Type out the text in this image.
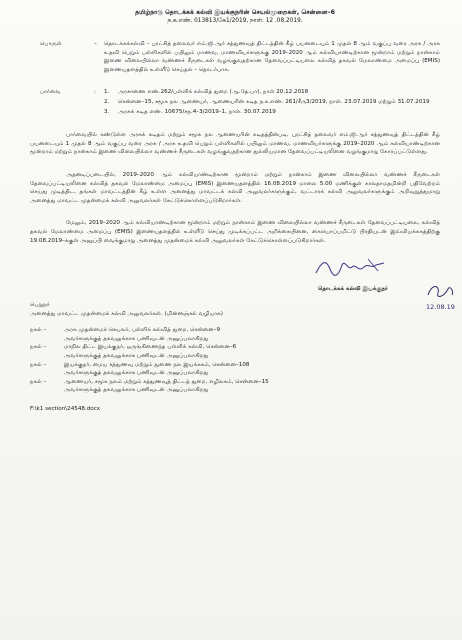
தமிழ்நாடு தொடக்கக் கல்வி இயக்குநரின் செயல்முறைகள், சென்னை–6
ந.க.எண். 013813/கே1/2019, நாள். 12 .08.2019.
பொருள்	–	தொடக்கக்கல்வி – புரட்சித் தலைவர் எம்.ஜி.ஆர் சத்துணவுத் திட்டத்தின் கீழ் பயனடையும் 1 முதல் 8 ஆம் வகுப்பு வரை அரசு / அரசு உதவி பெறும் பள்ளிகளில் பயிலும் மாணவ, மாணவியர்களுக்கு 2019–2020 ஆம் கல்வியாண்டிற்கான மூன்றாம் மற்றும் நான்காம் இணை விலையில்லா வண்ணச் சீருடைகள் வழங்குவதற்கான தேவைப்பட்டியலை கல்வித் தகவல் மேலாண்மை அமைப்பு (EMIS) இணையதளத்தில் உள்ளீடு செய்தல் – தொடர்பாக.
பார்வை	:	1.	அரசாணை எண்.262/பள்ளிக் கல்வித் துறை (ஆ.தே.பா), நாள் 20.12.2018
2.	சென்னை–15, சமூக நல ஆணையர், ஆணையரின் கடித ந.க.எண். 261/சீரு3/2019, நாள். 23.07.2019 மற்றும் 31.07.2019
3.	அரசுக் கடித எண். 10675/சந.4–3/2019–1, நாள். 30.07.2019

பார்வையில் கண்டுள்ள அரசுக் கடிதம் மற்றும் சமூக நல ஆணையரின் கடிதத்தின்படி, புரட்சித் தலைவர் எம்.ஜி.ஆர் சத்துணவுத் திட்டத்தின் கீழ் பயனடையும் 1 முதல் 8 ஆம் வகுப்பு வரை அரசு / அரசு உதவி பெறும் பள்ளிகளில் பயிலும் மாணவ, மாணவியர்களுக்கு 2019–2020 ஆம் கல்வியாண்டிற்கான மூன்றாம் மற்றும் நான்காம் இணை விலையில்லா வண்ணச் சீருடைகள் வழங்குவதற்கான துல்லியமான தேவைப்பட்டியலினை வழங்குமாறு கோரப்பட்டுள்ளது.

அதனடிப்படையில், 2019–2020 ஆம் கல்வியாண்டிற்கான மூன்றாம் மற்றும் நான்காம் இணை விலையில்லா வண்ணச் சீருடைகள் தேவைப்பட்டியலினை கல்வித் தகவல் மேலாண்மை அமைப்பு (EMIS) இணையதளத்தில் 16.08.2019 மாலை 5.00 மணிக்குள் காலதாமதமின்றி பதிவேற்றம் செய்து முடித்திட, தங்கள் மாவட்டத்தின் கீழ் உள்ள அனைத்து மாவட்டக் கல்வி அலுவலர்களுக்கும், வட்டாரக் கல்வி அலுவலர்களுக்கும் அறிவுறுத்துமாறு அனைத்து மாவட்ட முதன்மைக் கல்வி அலுவலர்கள் கேட்டுக்கொள்ளப்படுகிறார்கள்.

மேலும், 2019–2020 ஆம் கல்வியாண்டிற்கான மூன்றாம் மற்றும் நான்காம் இணை விலையில்லா வண்ணச் சீருடைகள் தேவைப்பட்டியலை, கல்வித் தகவல் மேலாண்மை அமைப்பு (EMIS) இணையதளத்தில் உள்ளீடு செய்து முடிக்கப்பட்ட அறிக்கையினை, கையொப்பமிட்டு பிரதியுடன் இவ்வியக்ககத்திற்கு 19.08.2019–க்குள் அனுப்பி வைக்குமாறு அனைத்து முதன்மைக் கல்வி அலுவலர்கள் கேட்டுக்கொள்ளப்படுகிறார்கள்.

தொடக்கக் கல்வி இயக்குநர்
12.08.19
பெறுநர்
அனைத்து மாவட்ட முதன்மைக் கல்வி அலுவலர்கள். (மின்னஞ்சல் வழியாக)
நகல் –	அரசு முதன்மைச் செயலர், பள்ளிக் கல்வித் துறை, சென்னை–9
அவர்களுக்குத் தகவலுக்காக பணிவுடன் அனுப்பலாகிறது
நகல் –	மாநில திட்ட இயக்குநர், ஒருங்கிணைந்த பள்ளிக் கல்வி, சென்னை–6
அவர்களுக்குத் தகவலுக்காக பணிவுடன் அனுப்பலாகிறது
நகல் –	இயக்குநர், மைய சத்துணவு மற்றும் துணை நல இயக்ககம், சென்னை–108
அவர்களுக்குத் தகவலுக்காக பணிவுடன் அனுப்பலாகிறது
நகல் –	ஆணையர், சமூக நலம் மற்றும் சத்துணவுத் திட்டத் துறை, எழிலகம், சென்னை–15
அவர்களுக்குத் தகவலுக்காக பணிவுடன் அனுப்பலாகிறது
F:\k1 section\24548.docx
